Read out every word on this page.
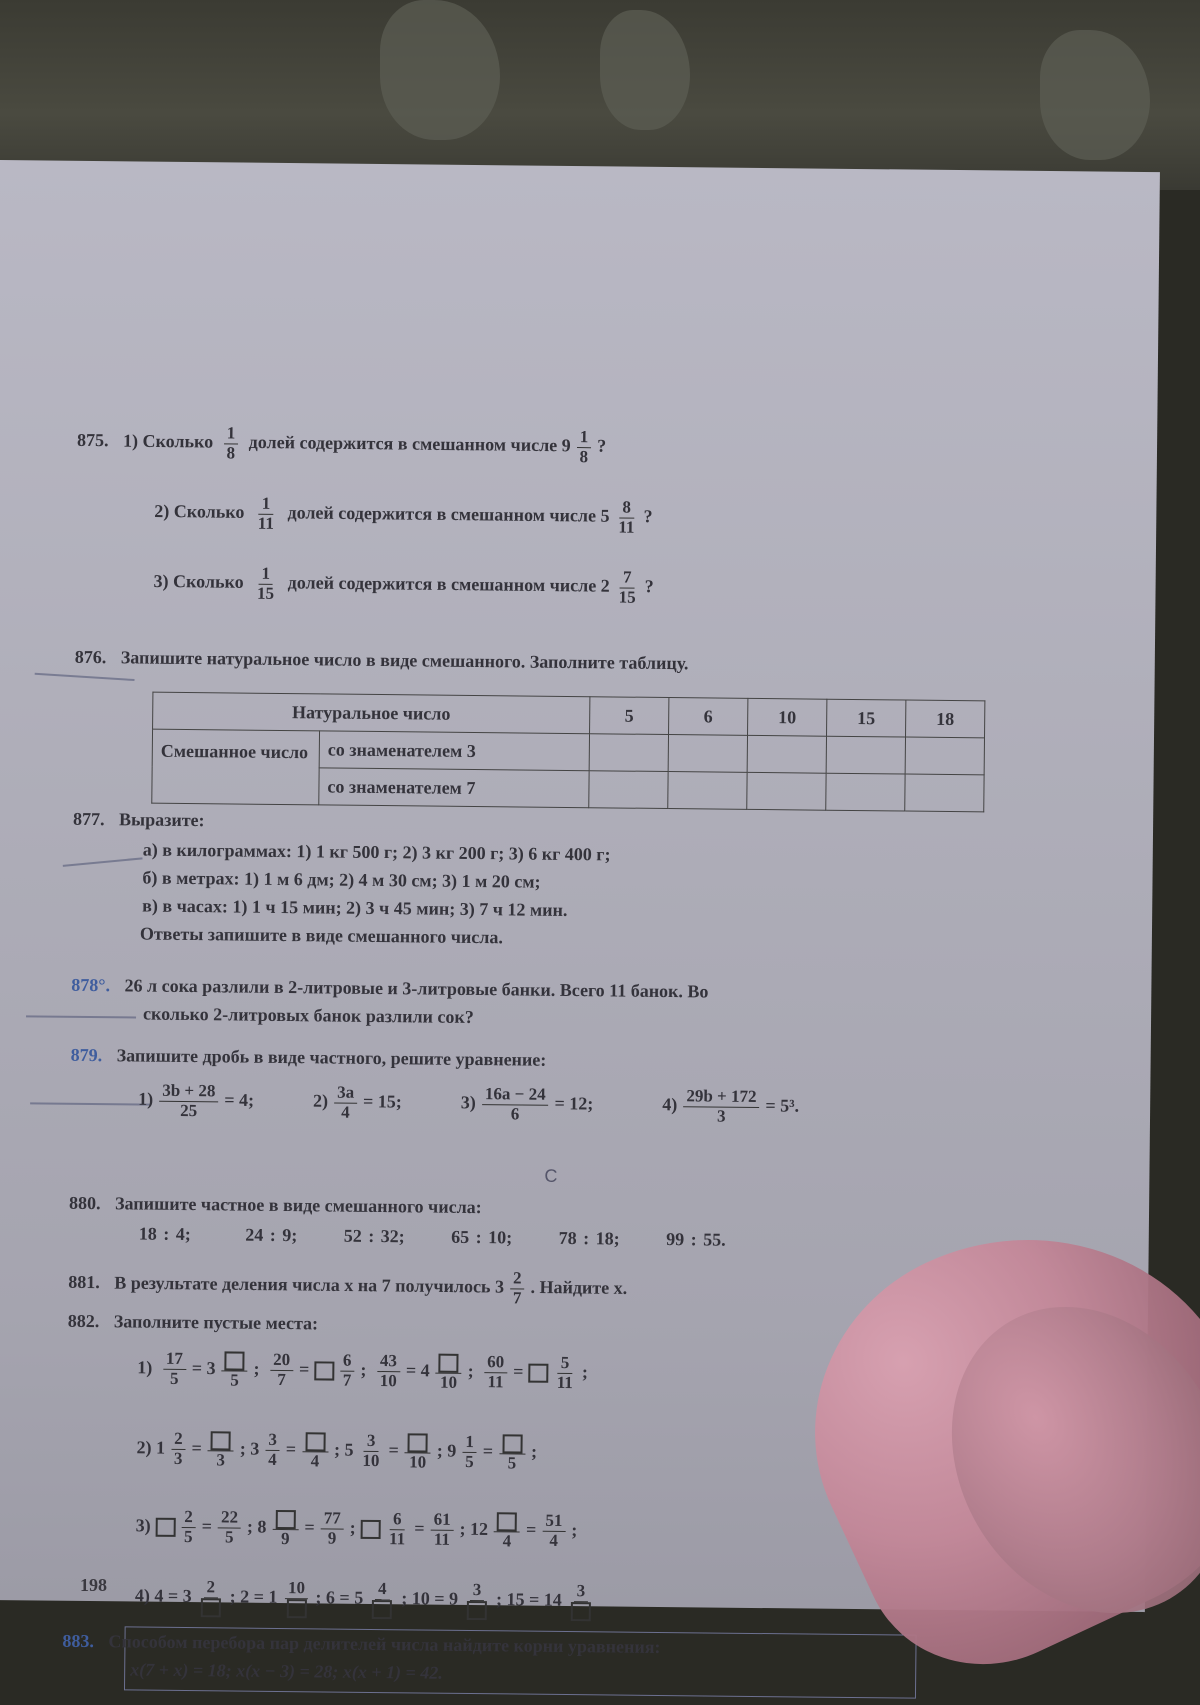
875. 1) Сколько $\frac{1}{8}$ долей содержится в смешанном числе $9 \frac{1}{8}$ ?
2) Сколько $\frac{1}{11}$ долей содержится в смешанном числе $5 \frac{8}{11}$ ?
3) Сколько $\frac{1}{15}$ долей содержится в смешанном числе $2 \frac{7}{15}$ ?
876. Запишите натуральное число в виде смешанного. Заполните таблицу.
Натуральное число		5	6	10	15	18
Смешанное число	со знаменателем 3					
	со знаменателем 7					
877. Выразите:
а) в килограммах: 1) 1 кг 500 г; 2) 3 кг 200 г; 3) 6 кг 400 г;
б) в метрах: 1) 1 м 6 дм; 2) 4 м 30 см; 3) 1 м 20 см;
в) в часах: 1) 1 ч 15 мин; 2) 3 ч 45 мин; 3) 7 ч 12 мин.
Ответы запишите в виде смешанного числа.
878°. 26 л сока разлили в 2-литровые и 3-литровые банки. Всего 11 банок. Во
сколько 2-литровых банок разлили сок?
879. Запишите дробь в виде частного, решите уравнение:
$1) \frac{3b + 28}{25} = 4$;	$2) \frac{3a}{4} = 15$;	$3) \frac{16a - 24}{6} = 12$;	$4) \frac{29b + 172}{3} = 5^3$.
C
880. Запишите частное в виде смешанного числа:
18 : 4;	24 : 9;	52 : 32;	65 : 10;	78 : 18;	99 : 55.
881. В результате деления числа x на 7 получилось $3 \frac{2}{7}$ . Найдите x.
882. Заполните пустые места:
$1) \frac{17}{5} = 3$
5
; $\frac{20}{7} = \frac{6}{7}$ ; $\frac{43}{10} = 4$
10
; $\frac{60}{11} = \frac{5}{11}$ ;
2) $1 \frac{2}{3}$ =
3
; $3 \frac{3}{4}$ =
4
; $5 \frac{3}{10}$ =
10
; $9 \frac{1}{5}$ =
5
;
$3) \frac{2}{5} = \frac{22}{5}$ ; 8
9
= $\frac{77}{9}$ ; $\frac{6}{11} = \frac{61}{11}$ ; 12
4
= $\frac{51}{4}$ ;
4) 4 = 3 2 ; 2 = 1 10 ; 6 = 5 4 ; 10 = 9 3 ; 15 = 14 3
883. Способом перебора пар делителей числа найдите корни уравнения:
x(7 + x) = 18; x(x − 3) = 28; x(x + 1) = 42.
198
